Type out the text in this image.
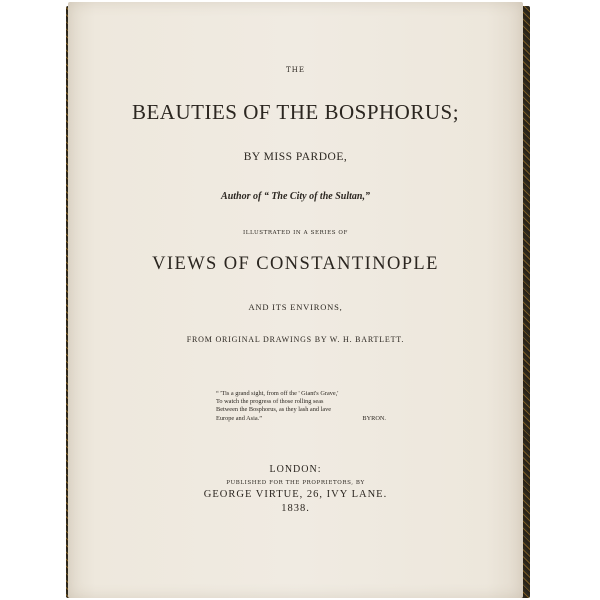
THE
BEAUTIES OF THE BOSPHORUS;
BY MISS PARDOE,
Author of “ The City of the Sultan,”
ILLUSTRATED IN A SERIES OF
VIEWS OF CONSTANTINOPLE
AND ITS ENVIRONS,
FROM ORIGINAL DRAWINGS BY W. H. BARTLETT.
“ 'Tis a grand sight, from off the ' Giant's Grave,'
To watch the progress of those rolling seas
Between the Bosphorus, as they lash and lave
Europe and Asia.”	BYRON.
LONDON:
PUBLISHED FOR THE PROPRIETORS, BY
GEORGE VIRTUE, 26, IVY LANE.
1838.
